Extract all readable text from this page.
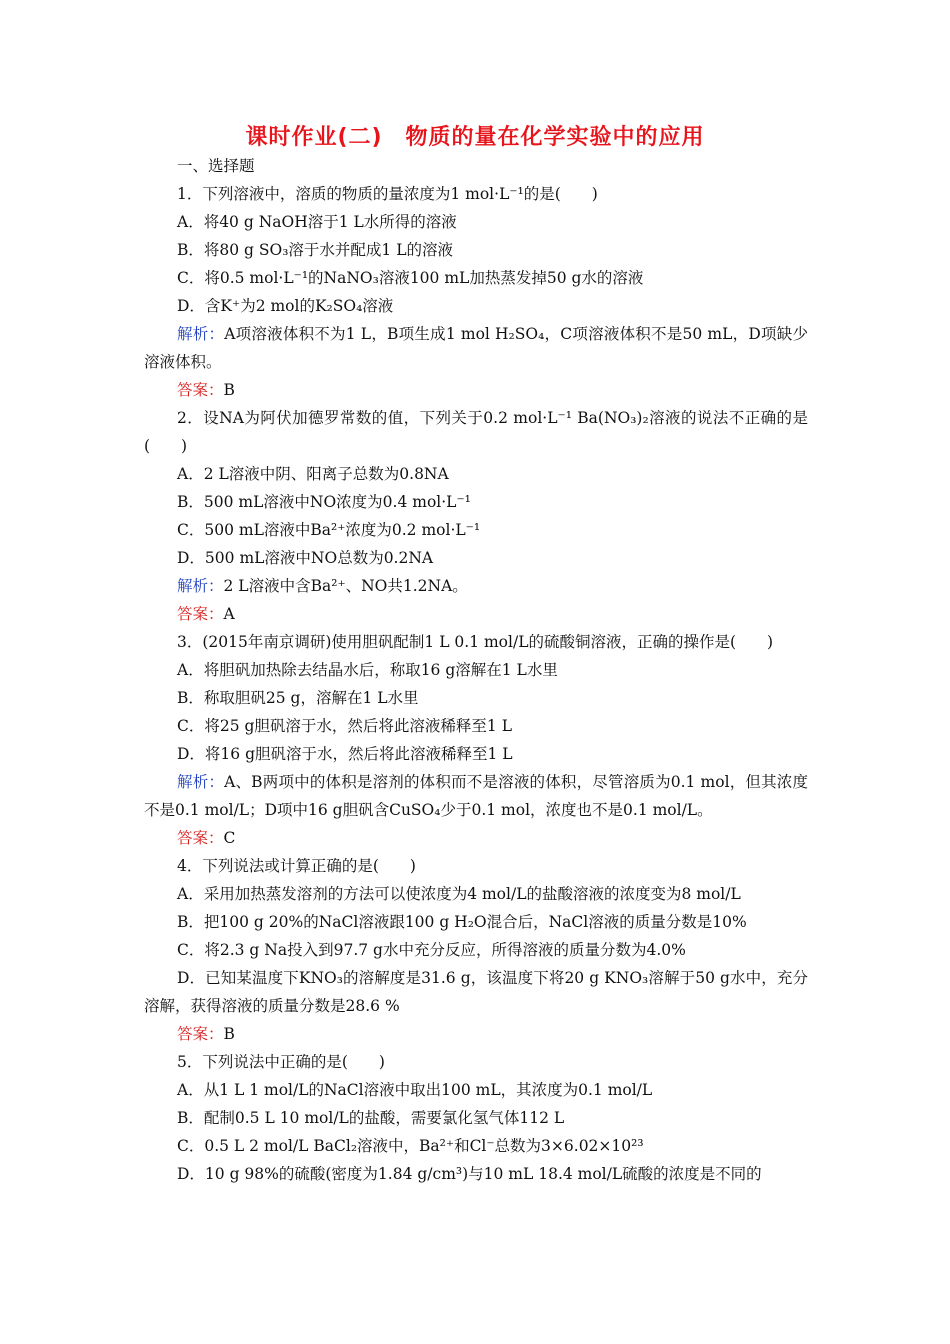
课时作业(二)　物质的量在化学实验中的应用
一、选择题
1．下列溶液中，溶质的物质的量浓度为1 mol·L⁻¹的是(　　)
A．将40 g NaOH溶于1 L水所得的溶液
B．将80 g SO₃溶于水并配成1 L的溶液
C．将0.5 mol·L⁻¹的NaNO₃溶液100 mL加热蒸发掉50 g水的溶液
D．含K⁺为2 mol的K₂SO₄溶液
解析：A项溶液体积不为1 L，B项生成1 mol H₂SO₄，C项溶液体积不是50 mL，D项缺少溶液体积。
答案：B
2．设NA为阿伏加德罗常数的值，下列关于0.2 mol·L⁻¹ Ba(NO₃)₂溶液的说法不正确的是(　　)
A．2 L溶液中阴、阳离子总数为0.8NA
B．500 mL溶液中NO浓度为0.4 mol·L⁻¹
C．500 mL溶液中Ba²⁺浓度为0.2 mol·L⁻¹
D．500 mL溶液中NO总数为0.2NA
解析：2 L溶液中含Ba²⁺、NO共1.2NA。
答案：A
3．(2015年南京调研)使用胆矾配制1 L 0.1 mol/L的硫酸铜溶液，正确的操作是(　　)
A．将胆矾加热除去结晶水后，称取16 g溶解在1 L水里
B．称取胆矾25 g，溶解在1 L水里
C．将25 g胆矾溶于水，然后将此溶液稀释至1 L
D．将16 g胆矾溶于水，然后将此溶液稀释至1 L
解析：A、B两项中的体积是溶剂的体积而不是溶液的体积，尽管溶质为0.1 mol，但其浓度不是0.1 mol/L；D项中16 g胆矾含CuSO₄少于0.1 mol，浓度也不是0.1 mol/L。
答案：C
4．下列说法或计算正确的是(　　)
A．采用加热蒸发溶剂的方法可以使浓度为4 mol/L的盐酸溶液的浓度变为8 mol/L
B．把100 g 20%的NaCl溶液跟100 g H₂O混合后，NaCl溶液的质量分数是10%
C．将2.3 g Na投入到97.7 g水中充分反应，所得溶液的质量分数为4.0%
D．已知某温度下KNO₃的溶解度是31.6 g，该温度下将20 g KNO₃溶解于50 g水中，充分溶解，获得溶液的质量分数是28.6 %
答案：B
5．下列说法中正确的是(　　)
A．从1 L 1 mol/L的NaCl溶液中取出100 mL，其浓度为0.1 mol/L
B．配制0.5 L 10 mol/L的盐酸，需要氯化氢气体112 L
C．0.5 L 2 mol/L BaCl₂溶液中，Ba²⁺和Cl⁻总数为3×6.02×10²³
D．10 g 98%的硫酸(密度为1.84 g/cm³)与10 mL 18.4 mol/L硫酸的浓度是不同的
